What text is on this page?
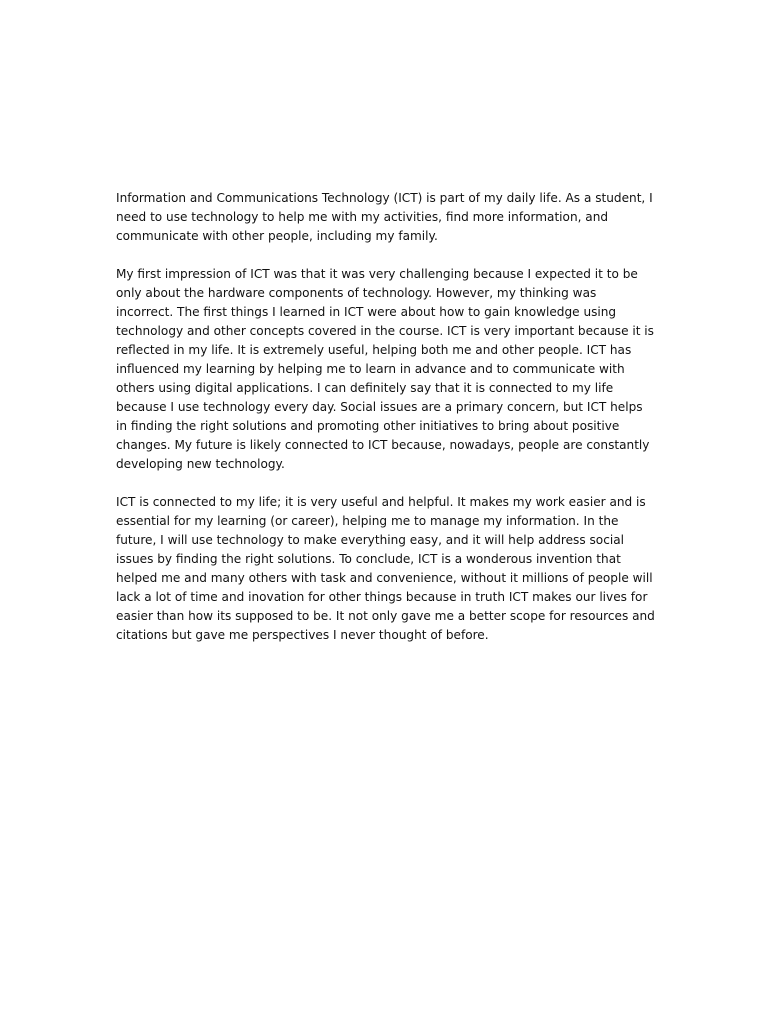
Information and Communications Technology (ICT) is part of my daily life. As a student, I need to use technology to help me with my activities, find more information, and communicate with other people, including my family.

My first impression of ICT was that it was very challenging because I expected it to be only about the hardware components of technology. However, my thinking was incorrect. The first things I learned in ICT were about how to gain knowledge using technology and other concepts covered in the course. ICT is very important because it is reflected in my life. It is extremely useful, helping both me and other people. ICT has influenced my learning by helping me to learn in advance and to communicate with others using digital applications. I can definitely say that it is connected to my life because I use technology every day. Social issues are a primary concern, but ICT helps in finding the right solutions and promoting other initiatives to bring about positive changes. My future is likely connected to ICT because, nowadays, people are constantly developing new technology.

ICT is connected to my life; it is very useful and helpful. It makes my work easier and is essential for my learning (or career), helping me to manage my information. In the future, I will use technology to make everything easy, and it will help address social issues by finding the right solutions. To conclude, ICT is a wonderous invention that helped me and many others with task and convenience, without it millions of people will lack a lot of time and inovation for other things because in truth ICT makes our lives for easier than how its supposed to be. It not only gave me a better scope for resources and citations but gave me perspectives I never thought of before.
